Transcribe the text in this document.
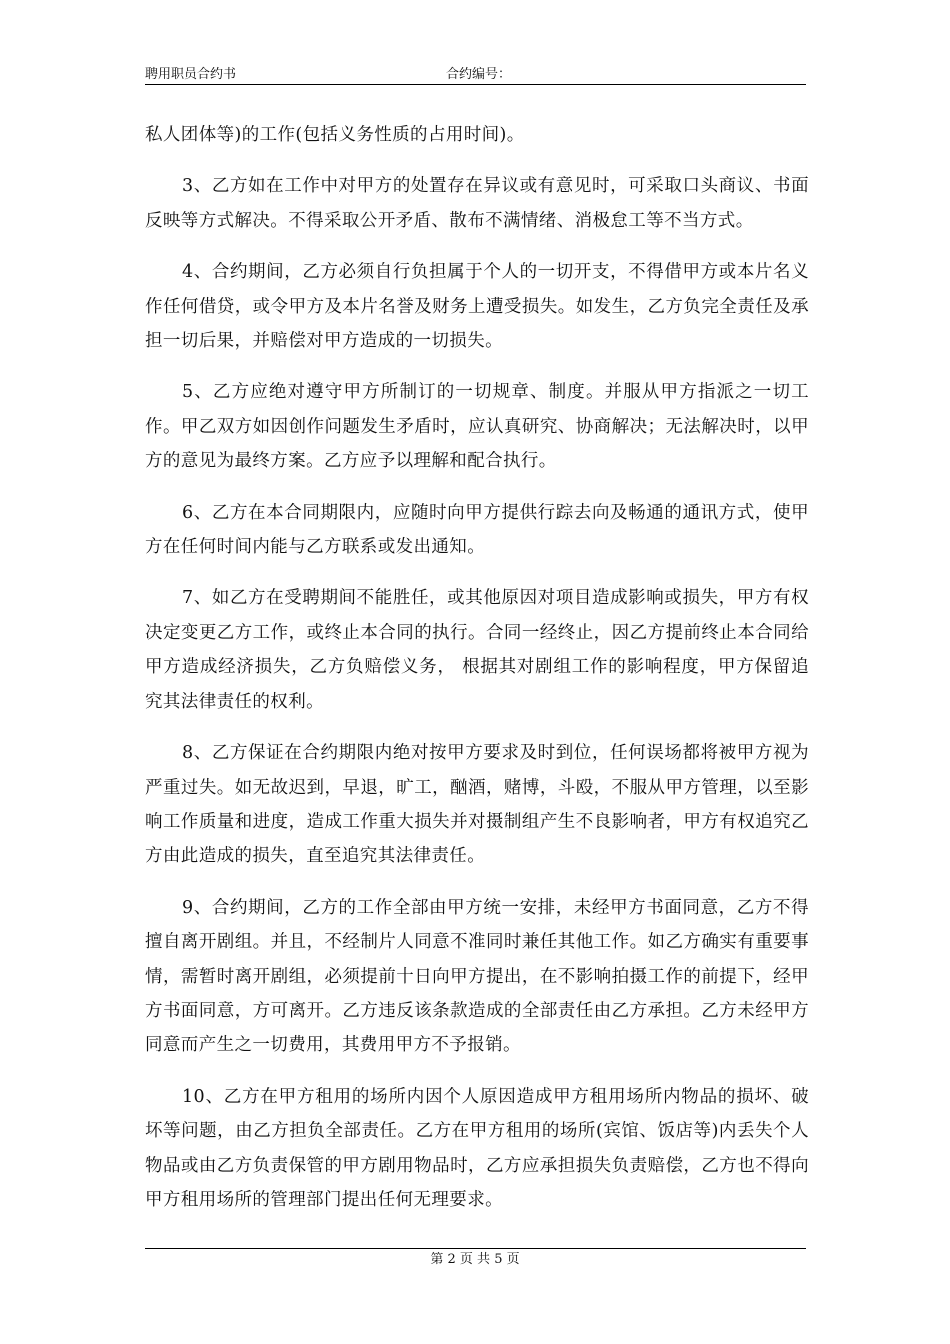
聘用职员合约书	合约编号：

私人团体等)的工作(包括义务性质的占用时间)。

3、乙方如在工作中对甲方的处置存在异议或有意见时，可采取口头商议、书面反映等方式解决。不得采取公开矛盾、散布不满情绪、消极怠工等不当方式。

4、合约期间，乙方必须自行负担属于个人的一切开支，不得借甲方或本片名义作任何借贷，或令甲方及本片名誉及财务上遭受损失。如发生，乙方负完全责任及承担一切后果，并赔偿对甲方造成的一切损失。

5、乙方应绝对遵守甲方所制订的一切规章、制度。并服从甲方指派之一切工作。甲乙双方如因创作问题发生矛盾时，应认真研究、协商解决；无法解决时，以甲方的意见为最终方案。乙方应予以理解和配合执行。

6、乙方在本合同期限内，应随时向甲方提供行踪去向及畅通的通讯方式，使甲方在任何时间内能与乙方联系或发出通知。

7、如乙方在受聘期间不能胜任，或其他原因对项目造成影响或损失，甲方有权决定变更乙方工作，或终止本合同的执行。合同一经终止，因乙方提前终止本合同给甲方造成经济损失，乙方负赔偿义务， 根据其对剧组工作的影响程度，甲方保留追究其法律责任的权利。

8、乙方保证在合约期限内绝对按甲方要求及时到位，任何误场都将被甲方视为严重过失。如无故迟到，早退，旷工，酗酒，赌博，斗殴，不服从甲方管理，以至影响工作质量和进度，造成工作重大损失并对摄制组产生不良影响者，甲方有权追究乙方由此造成的损失，直至追究其法律责任。

9、合约期间，乙方的工作全部由甲方统一安排，未经甲方书面同意，乙方不得擅自离开剧组。并且，不经制片人同意不准同时兼任其他工作。如乙方确实有重要事情，需暂时离开剧组，必须提前十日向甲方提出，在不影响拍摄工作的前提下，经甲方书面同意，方可离开。乙方违反该条款造成的全部责任由乙方承担。乙方未经甲方同意而产生之一切费用，其费用甲方不予报销。

10、乙方在甲方租用的场所内因个人原因造成甲方租用场所内物品的损坏、破坏等问题，由乙方担负全部责任。乙方在甲方租用的场所(宾馆、饭店等)内丢失个人物品或由乙方负责保管的甲方剧用物品时，乙方应承担损失负责赔偿，乙方也不得向甲方租用场所的管理部门提出任何无理要求。

第 2 页 共 5 页
